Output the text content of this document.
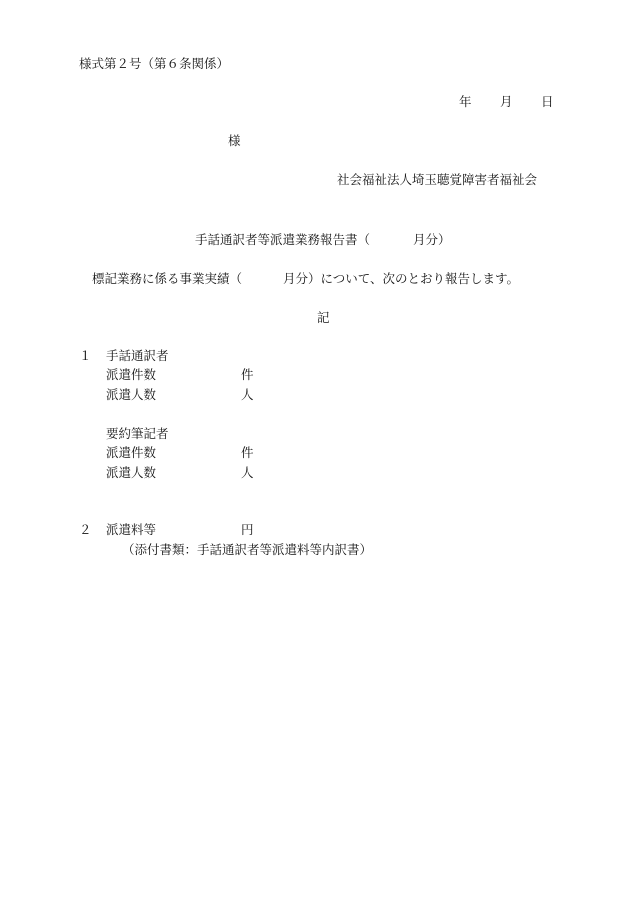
様式第２号（第６条関係）
年 月 日
様
社会福祉法人埼玉聴覚障害者福祉会
手話通訳者等派遣業務報告書（	月分）
標記業務に係る事業実績（	月分）について、次のとおり報告します。
記
１ 手話通訳者
派遣件数	件
派遣人数	人
要約筆記者
派遣件数	件
派遣人数	人
２ 派遣料等	円
（添付書類：手話通訳者等派遣料等内訳書）
